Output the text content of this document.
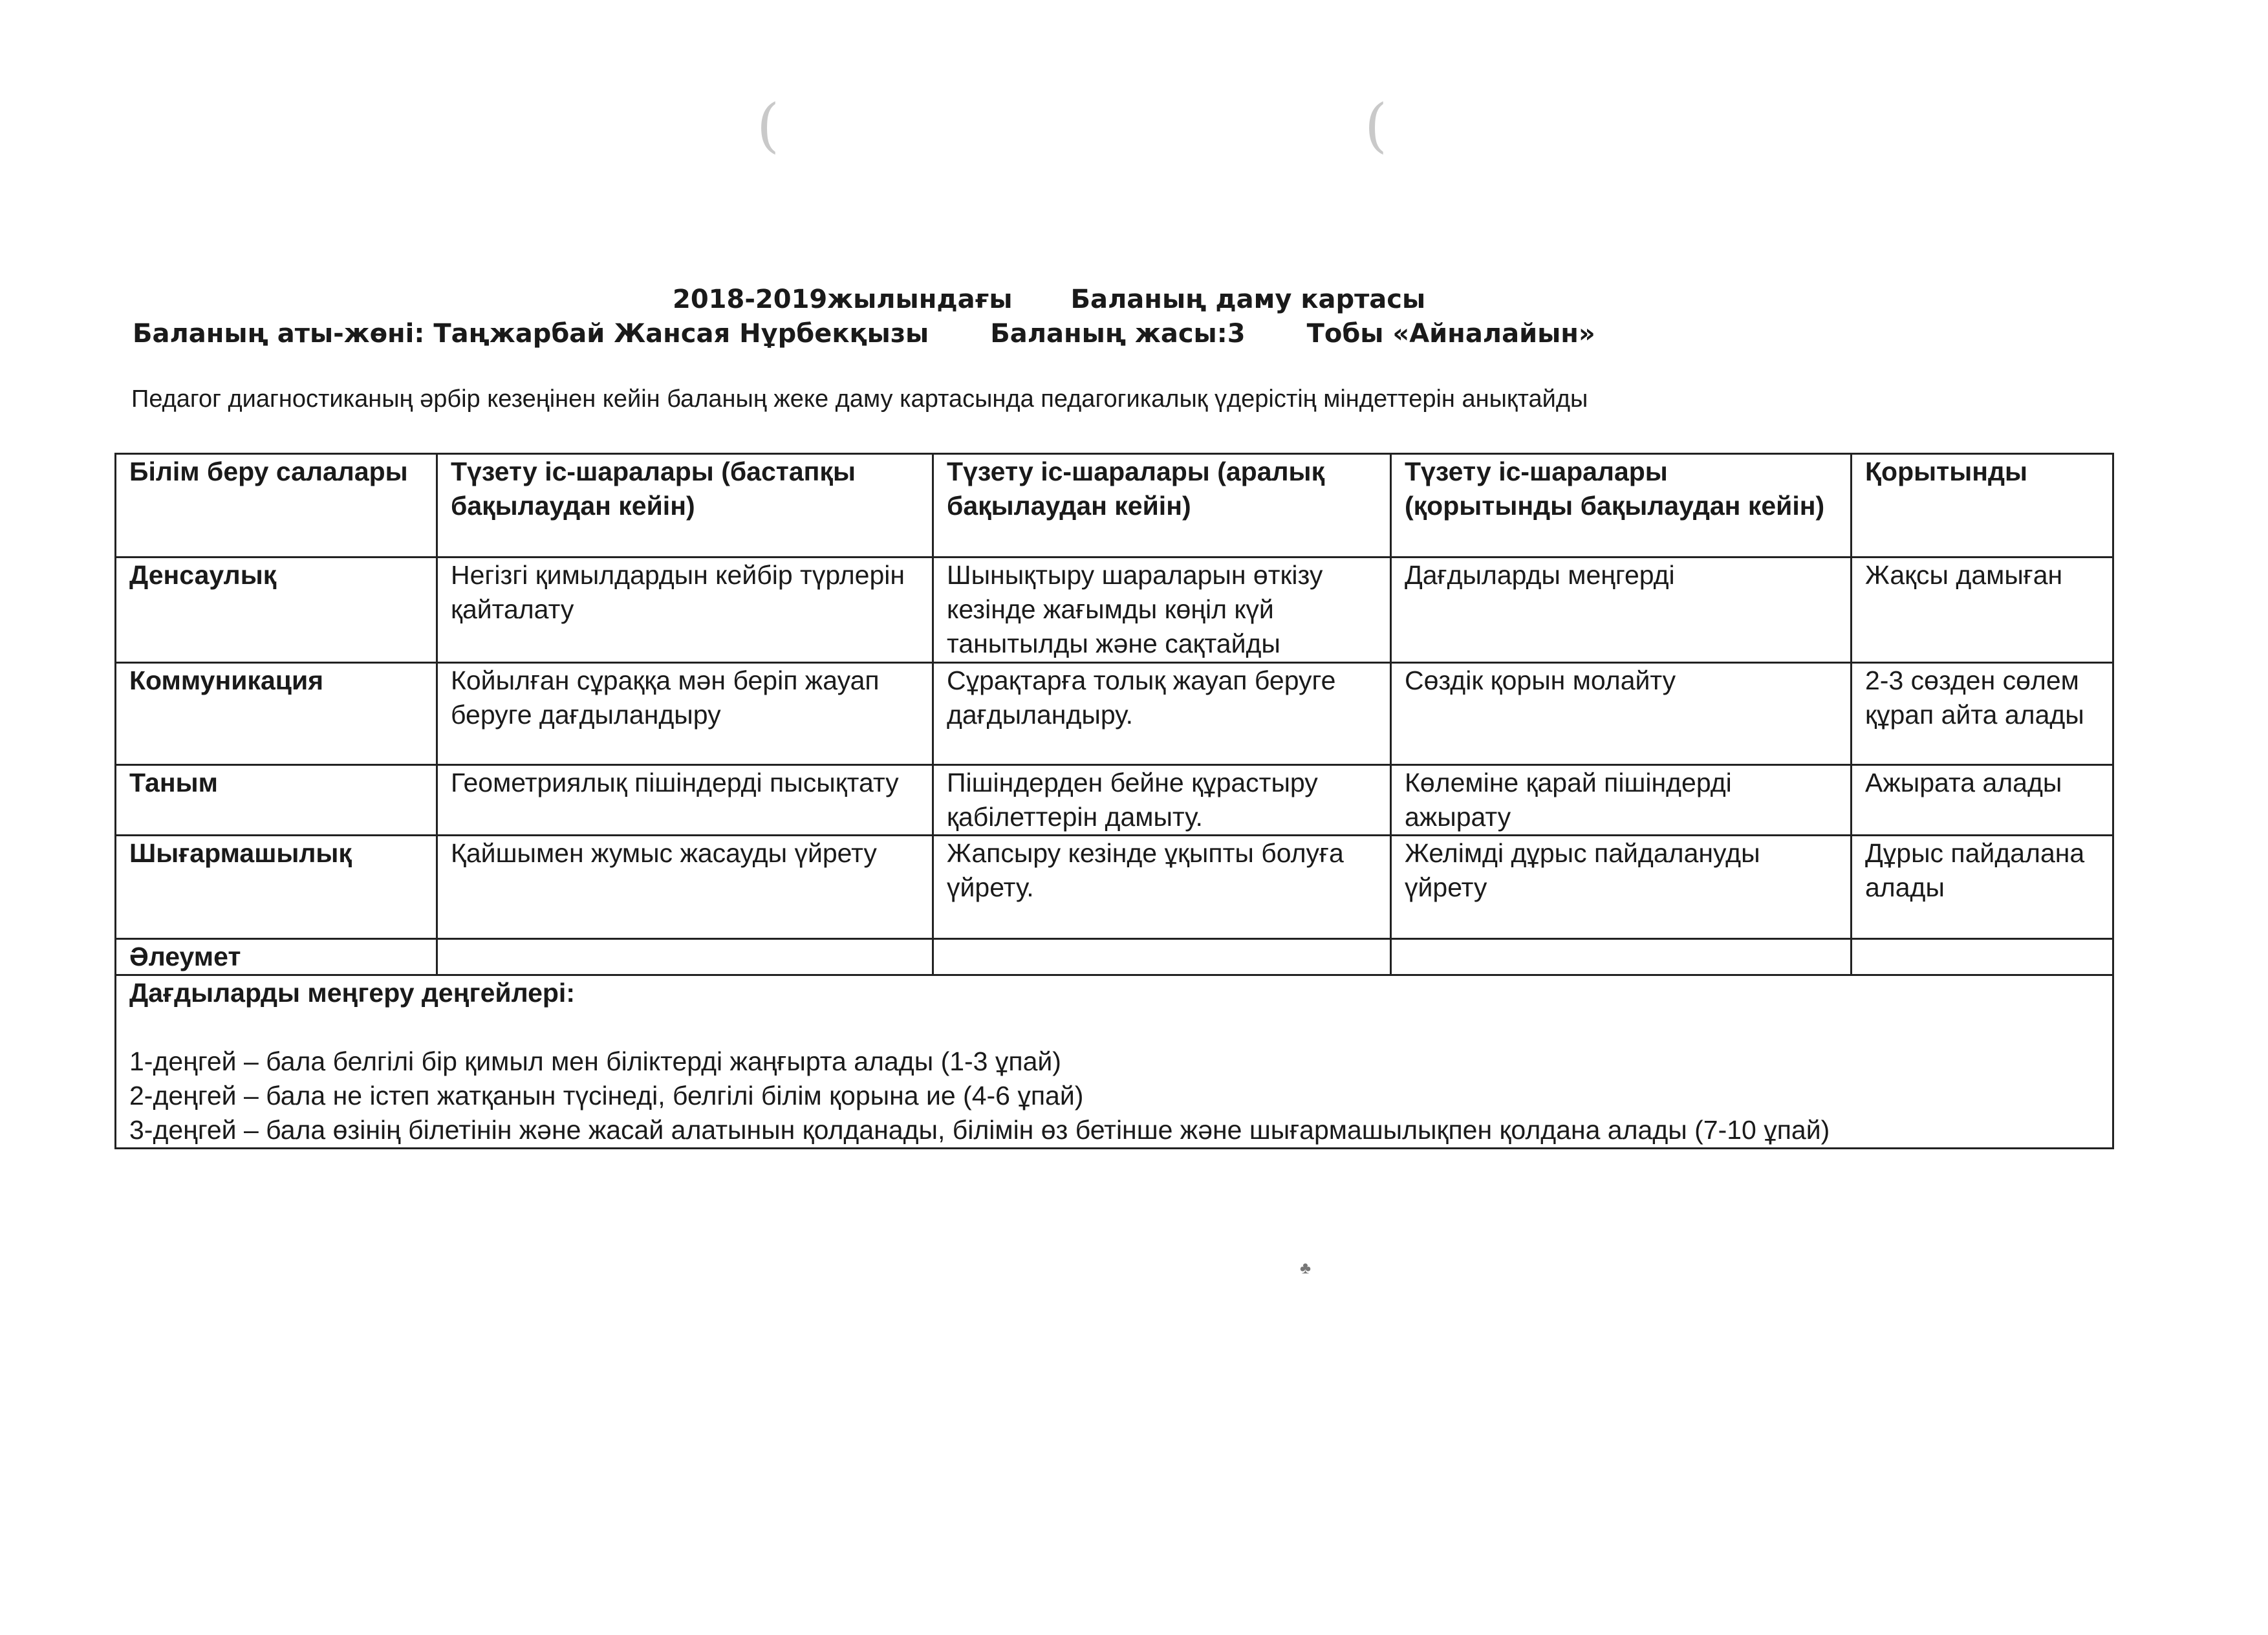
(	(
2018-2019жылындағы Баланың даму картасы
Баланың аты-жөні: Таңжарбай Жансая Нұрбекқызы Баланың жасы:3 Тобы «Айналайын»
Педагог диагностиканың әрбір кезеңінен кейін баланың жеке даму картасында педагогикалық үдерістің міндеттерін анықтайды
Білім беру салалары	Түзету іс-шаралары (бастапқы бақылаудан кейін)	Түзету іс-шаралары (аралық бақылаудан кейін)	Түзету іс-шаралары (қорытынды бақылаудан кейін)	Қорытынды
Денсаулық	Негізгі қимылдардын кейбір түрлерін қайталату	Шынықтыру шараларын өткізу кезінде жағымды көңіл күй танытылды және сақтайды	Дағдыларды меңгерді	Жақсы дамыған
Коммуникация	Койылған сұраққа мән беріп жауап беруге дағдыландыру	Сұрақтарға толық жауап беруге дағдыландыру.	Сөздік қорын молайту	2-3 сөзден сөлем құрап айта алады
Таным	Геометриялық пішіндерді пысықтату	Пішіндерден бейне құрастыру қабілеттерін дамыту.	Көлеміне қарай пішіндерді ажырату	Ажырата алады
Шығармашылық	Қайшымен жумыс жасауды үйрету	Жапсыру кезінде ұқыпты болуға үйрету.	Желімді дұрыс пайдалануды үйрету	Дұрыс пайдалана алады
Әлеумет				

Дағдыларды меңгеру деңгейлері:
1-деңгей – бала белгілі бір қимыл мен біліктерді жаңғырта алады (1-3 ұпай)
2-деңгей – бала не істеп жатқанын түсінеді, белгілі білім қорына ие (4-6 ұпай)
3-деңгей – бала өзінің білетінін және жасай алатынын қолданады, білімін өз бетінше және шығармашылықпен қолдана алады (7-10 ұпай)				
♣
